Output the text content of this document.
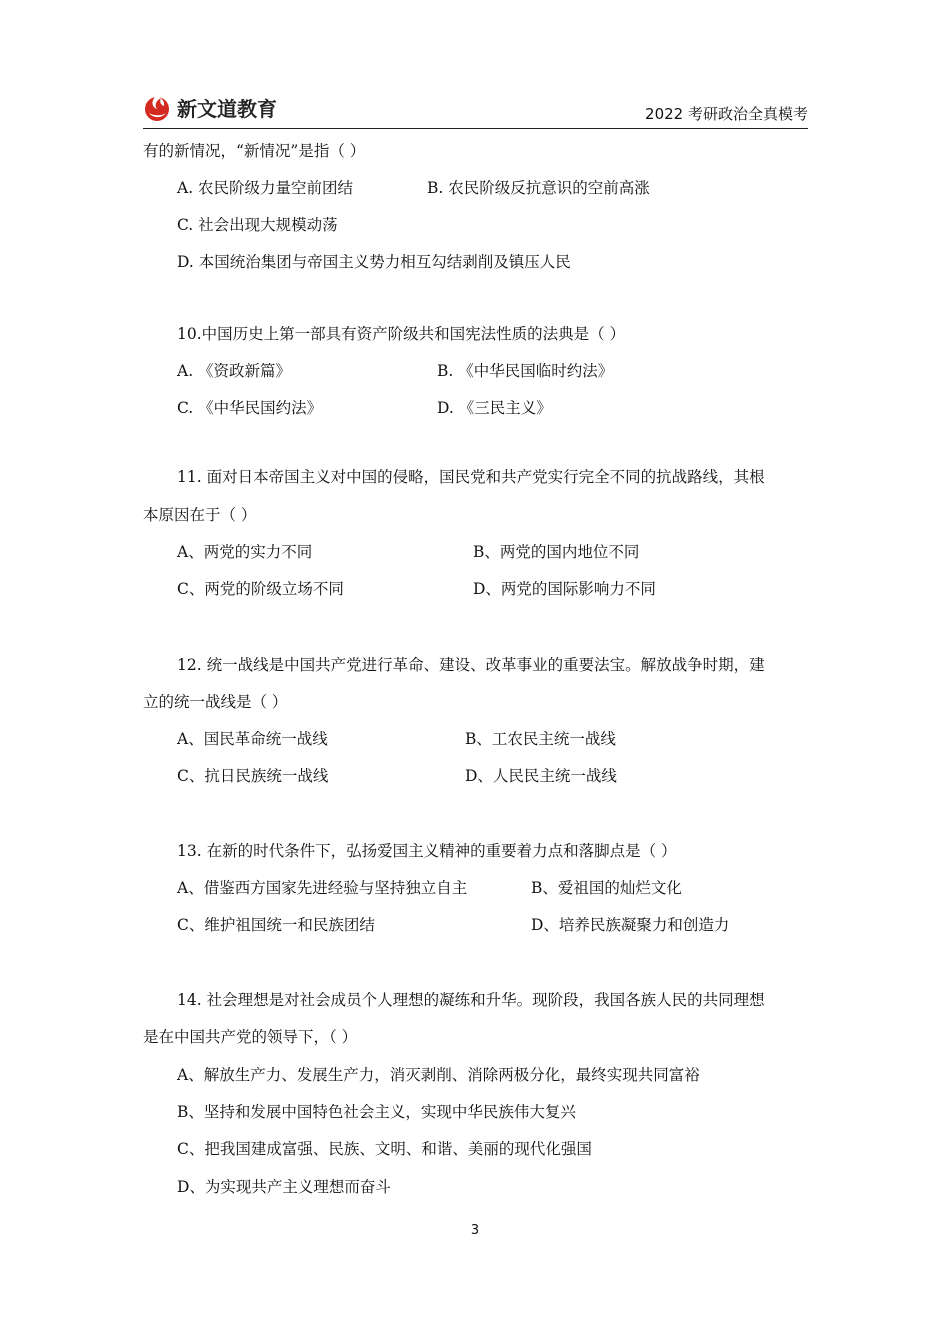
新文道教育	2022 考研政治全真模考
有的新情况，“新情况”是指（ ）
A. 农民阶级力量空前团结	B. 农民阶级反抗意识的空前高涨
C. 社会出现大规模动荡
D. 本国统治集团与帝国主义势力相互勾结剥削及镇压人民
10.中国历史上第一部具有资产阶级共和国宪法性质的法典是（ ）
A. 《资政新篇》	B. 《中华民国临时约法》
C. 《中华民国约法》	D. 《三民主义》
11. 面对日本帝国主义对中国的侵略，国民党和共产党实行完全不同的抗战路线，其根
本原因在于（ ）
A、两党的实力不同	B、两党的国内地位不同
C、两党的阶级立场不同	D、两党的国际影响力不同
12. 统一战线是中国共产党进行革命、建设、改革事业的重要法宝。解放战争时期，建
立的统一战线是（ ）
A、国民革命统一战线	B、工农民主统一战线
C、抗日民族统一战线	D、人民民主统一战线
13. 在新的时代条件下，弘扬爱国主义精神的重要着力点和落脚点是（ ）
A、借鉴西方国家先进经验与坚持独立自主	B、爱祖国的灿烂文化
C、维护祖国统一和民族团结	D、培养民族凝聚力和创造力
14. 社会理想是对社会成员个人理想的凝练和升华。现阶段，我国各族人民的共同理想
是在中国共产党的领导下，（ ）
A、解放生产力、发展生产力，消灭剥削、消除两极分化，最终实现共同富裕
B、坚持和发展中国特色社会主义，实现中华民族伟大复兴
C、把我国建成富强、民族、文明、和谐、美丽的现代化强国
D、为实现共产主义理想而奋斗
3
